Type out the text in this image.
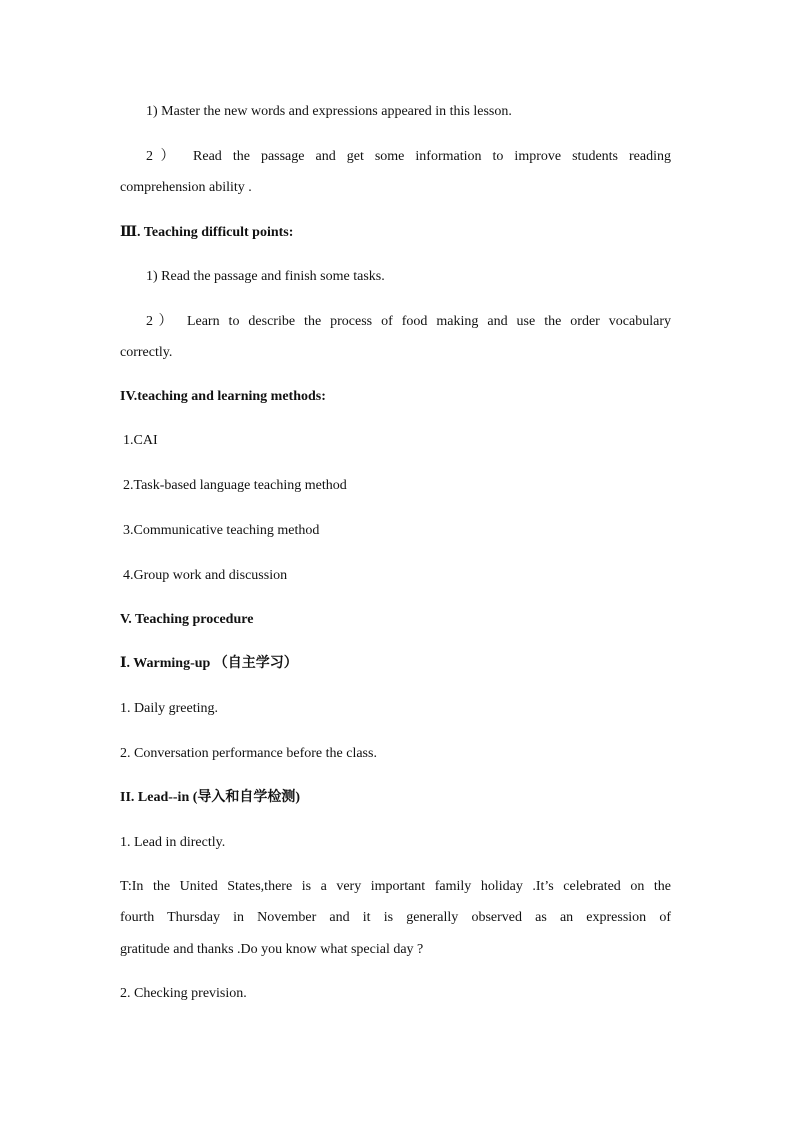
1) Master the new words and expressions appeared in this lesson.
2） Read the passage and get some information to improve students reading
comprehension ability .
Ⅲ. Teaching difficult points:
1) Read the passage and finish some tasks.
2） Learn to describe the process of food making and use the order vocabulary
correctly.
IV.teaching and learning methods:
1.CAI
2.Task-based language teaching method
3.Communicative teaching method
4.Group work and discussion
V. Teaching procedure
Ⅰ. Warming-up （自主学习）
1. Daily greeting.
2. Conversation performance before the class.
II. Lead--in (导入和自学检测)
1. Lead in directly.
T:In the United States,there is a very important family holiday .It’s celebrated on the
fourth Thursday in November and it is generally observed as an expression of
gratitude and thanks .Do you know what special day ?
2. Checking prevision.
